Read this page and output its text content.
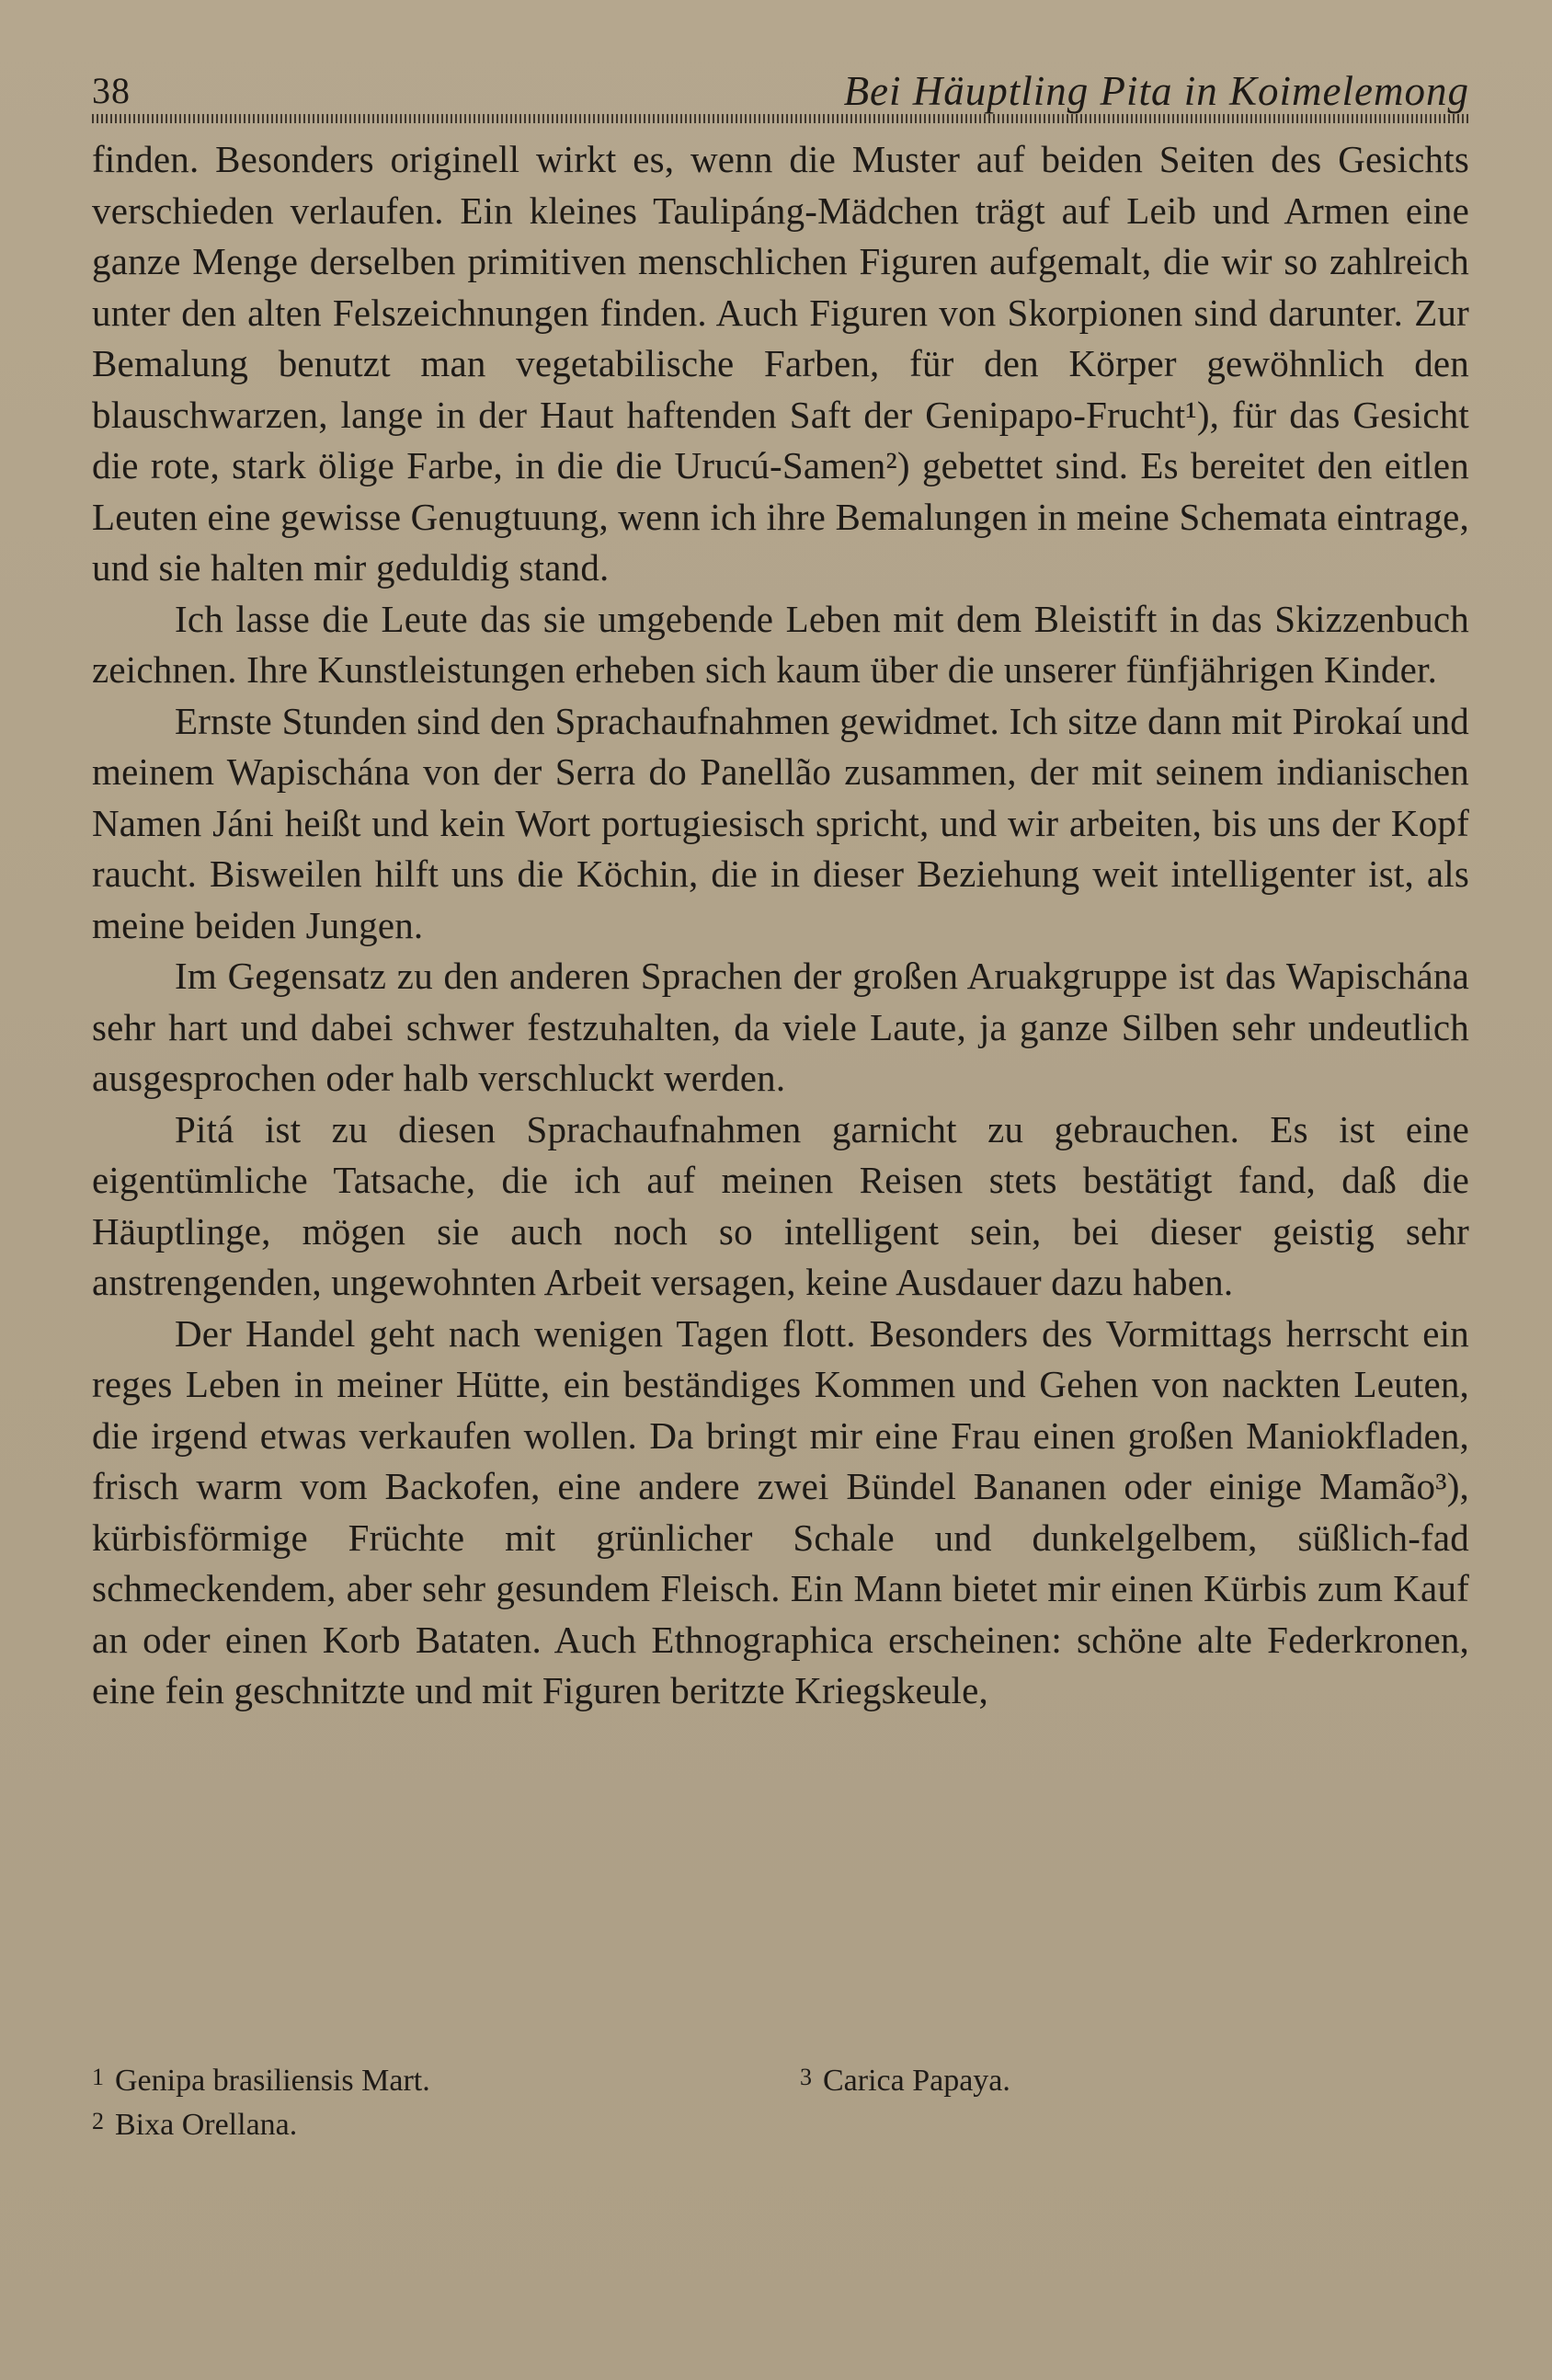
38	Bei Häuptling Pita in Koimelemong

finden. Besonders originell wirkt es, wenn die Muster auf beiden Seiten des Gesichts verschieden verlaufen. Ein kleines Taulipáng-Mädchen trägt auf Leib und Armen eine ganze Menge derselben primitiven menschlichen Figuren aufgemalt, die wir so zahlreich unter den alten Felszeichnungen finden. Auch Figuren von Skorpionen sind darunter. Zur Bemalung benutzt man vegetabilische Farben, für den Körper gewöhnlich den blauschwarzen, lange in der Haut haftenden Saft der Genipapo-Frucht¹), für das Gesicht die rote, stark ölige Farbe, in die die Urucú-Samen²) gebettet sind. Es bereitet den eitlen Leuten eine gewisse Genugtuung, wenn ich ihre Bemalungen in meine Schemata eintrage, und sie halten mir geduldig stand.

Ich lasse die Leute das sie umgebende Leben mit dem Bleistift in das Skizzenbuch zeichnen. Ihre Kunstleistungen erheben sich kaum über die unserer fünfjährigen Kinder.

Ernste Stunden sind den Sprachaufnahmen gewidmet. Ich sitze dann mit Pirokaí und meinem Wapischána von der Serra do Panellão zusammen, der mit seinem indianischen Namen Jáni heißt und kein Wort portugiesisch spricht, und wir arbeiten, bis uns der Kopf raucht. Bisweilen hilft uns die Köchin, die in dieser Beziehung weit intelligenter ist, als meine beiden Jungen.

Im Gegensatz zu den anderen Sprachen der großen Aruakgruppe ist das Wapischána sehr hart und dabei schwer festzuhalten, da viele Laute, ja ganze Silben sehr undeutlich ausgesprochen oder halb verschluckt werden.

Pitá ist zu diesen Sprachaufnahmen garnicht zu gebrauchen. Es ist eine eigentümliche Tatsache, die ich auf meinen Reisen stets bestätigt fand, daß die Häuptlinge, mögen sie auch noch so intelligent sein, bei dieser geistig sehr anstrengenden, ungewohnten Arbeit versagen, keine Ausdauer dazu haben.

Der Handel geht nach wenigen Tagen flott. Besonders des Vormittags herrscht ein reges Leben in meiner Hütte, ein beständiges Kommen und Gehen von nackten Leuten, die irgend etwas verkaufen wollen. Da bringt mir eine Frau einen großen Maniokfladen, frisch warm vom Backofen, eine andere zwei Bündel Bananen oder einige Mamão³), kürbisförmige Früchte mit grünlicher Schale und dunkelgelbem, süßlich-fad schmeckendem, aber sehr gesundem Fleisch. Ein Mann bietet mir einen Kürbis zum Kauf an oder einen Korb Bataten. Auch Ethnographica erscheinen: schöne alte Federkronen, eine fein geschnitzte und mit Figuren beritzte Kriegskeule,

1 Genipa brasiliensis Mart.
2 Bixa Orellana.
3 Carica Papaya.
